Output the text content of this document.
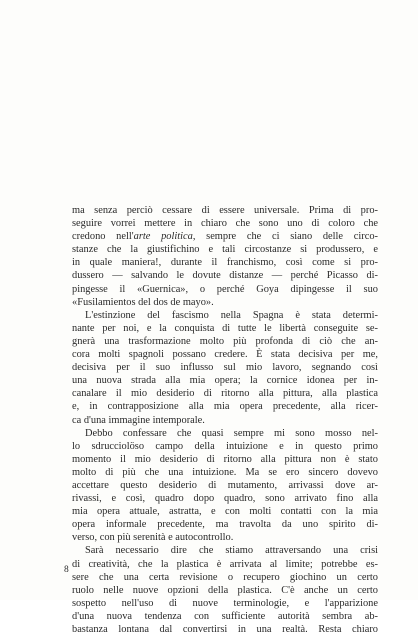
ma senza perciò cessare di essere universale. Prima di pro-
seguire vorrei mettere in chiaro che sono uno di coloro che
credono nell'arte politica, sempre che ci siano delle circo-
stanze che la giustifichino e tali circostanze si produssero, e
in quale maniera!, durante il franchismo, così come si pro-
dussero — salvando le dovute distanze — perché Picasso di-
pingesse il «Guernica», o perché Goya dipingesse il suo
«Fusilamientos del dos de mayo».
L'estinzione del fascismo nella Spagna è stata determi-
nante per noi, e la conquista di tutte le libertà conseguite se-
gnerà una trasformazione molto più profonda di ciò che an-
cora molti spagnoli possano credere. È stata decisiva per me,
decisiva per il suo influsso sul mio lavoro, segnando così
una nuova strada alla mia opera; la cornice idonea per in-
canalare il mio desiderio di ritorno alla pittura, alla plastica
e, in contrapposizione alla mia opera precedente, alla ricer-
ca d'una immagine intemporale.
Debbo confessare che quasi sempre mi sono mosso nel-
lo sdrucciolöso campo della intuizione e in questo primo
momento il mio desiderio di ritorno alla pittura non è stato
molto di più che una intuizione. Ma se ero sincero dovevo
accettare questo desiderio di mutamento, arrivassi dove ar-
rivassi, e così, quadro dopo quadro, sono arrivato fino alla
mia opera attuale, astratta, e con molti contatti con la mia
opera informale precedente, ma travolta da uno spirito di-
verso, con più serenità e autocontrollo.
Sarà necessario dire che stiamo attraversando una crisi
di creatività, che la plastica è arrivata al limite; potrebbe es-
sere che una certa revisione o recupero giochino un certo
ruolo nelle nuove opzioni della plastica. C'è anche un certo
sospetto nell'uso di nuove terminologie, e l'apparizione
d'una nuova tendenza con sufficiente autorità sembra ab-
bastanza lontana dal convertirsi in una realtà. Resta chiaro
8
